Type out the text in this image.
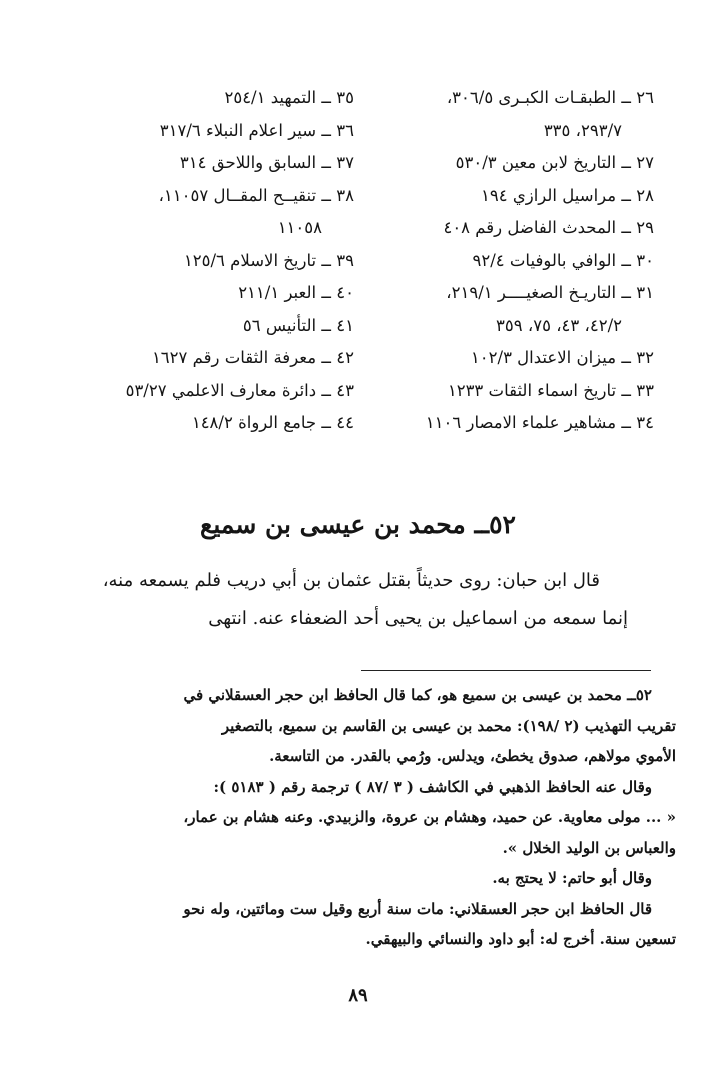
٢٦ ــ الطبقـات الكبـرى ٣٠٦/٥،
٢٩٣/٧، ٣٣٥
٢٧ ــ التاريخ لابن معين ٥٣٠/٣
٢٨ ــ مراسيل الرازي ١٩٤
٢٩ ــ المحدث الفاضل رقم ٤٠٨
٣٠ ــ الوافي بالوفيات ٩٢/٤
٣١ ــ التاريـخ الصغيــــر ٢١٩/١،
٤٢/٢، ٤٣، ٧٥، ٣٥٩
٣٢ ــ ميزان الاعتدال ١٠٢/٣
٣٣ ــ تاريخ اسماء الثقات ١٢٣٣
٣٤ ــ مشاهير علماء الامصار ١١٠٦
٣٥ ــ التمهيد ٢٥٤/١
٣٦ ــ سير اعلام النبلاء ٣١٧/٦
٣٧ ــ السابق واللاحق ٣١٤
٣٨ ــ تنقيــح المقــال ١١٠٥٧،
١١٠٥٨
٣٩ ــ تاريخ الاسلام ١٢٥/٦
٤٠ ــ العبر ٢١١/١
٤١ ــ التأنيس ٥٦
٤٢ ــ معرفة الثقات رقم ١٦٢٧
٤٣ ــ دائرة معارف الاعلمي ٥٣/٢٧
٤٤ ــ جامع الرواة ١٤٨/٢
٥٢ــ محمد بن عيسى بن سميع

قال ابن حبان: روى حديثاً بقتل عثمان بن أبي دريب فلم يسمعه منه،

إنما سمعه من اسماعيل بن يحيى أحد الضعفاء عنه. انتهى

٥٢ــ محمد بن عيسى بن سميع هو، كما قال الحافظ ابن حجر العسقلاني في

تقريب التهذيب (٢ /١٩٨): محمد بن عيسى بن القاسم بن سميع، بالتصغير

الأموي مولاهم، صدوق يخطئ، ويدلس. ورُمي بالقدر. من التاسعة.

وقال عنه الحافظ الذهبي في الكاشف ( ٣ /٨٧ ) ترجمة رقم ( ٥١٨٣ ):

« ... مولى معاوية. عن حميد، وهشام بن عروة، والزبيدي. وعنه هشام بن عمار،

والعباس بن الوليد الخلال ».

وقال أبو حاتم: لا يحتج به.

قال الحافظ ابن حجر العسقلاني: مات سنة أربع وقيل ست ومائتين، وله نحو

تسعين سنة. أخرج له: أبو داود والنسائي والبيهقي.

٨٩
